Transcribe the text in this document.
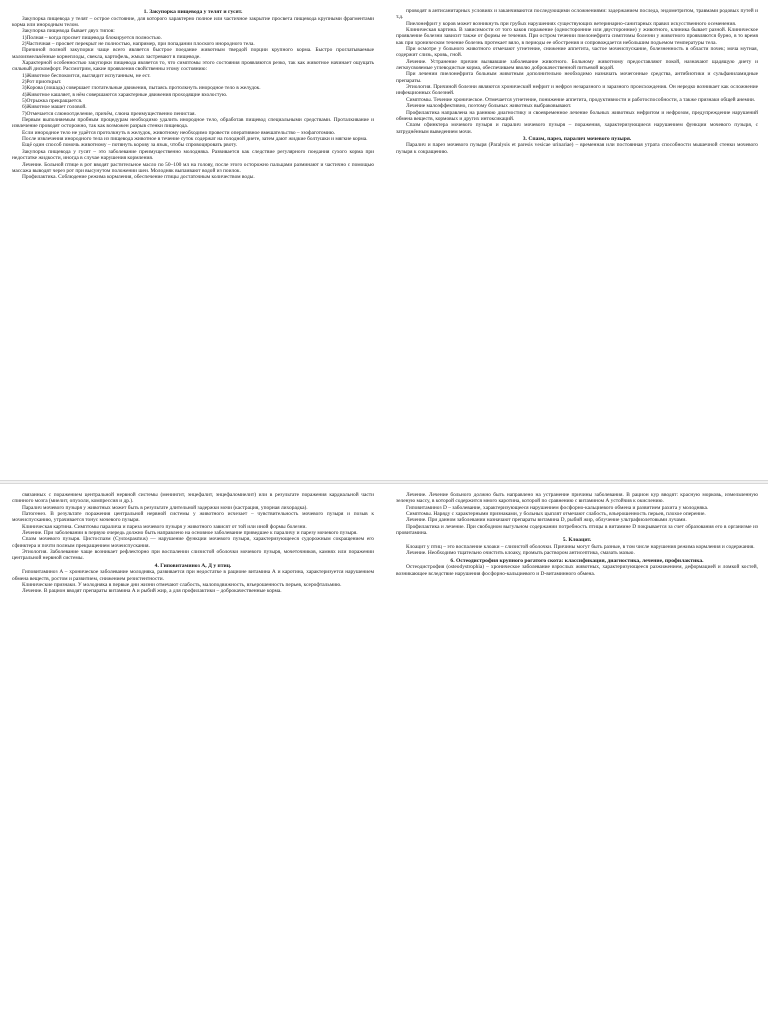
1. Закупорка пищевода у телят и гусят.

Закупорка пищевода у телят – острое состояние, для которого характерно полное или частичное закрытие просвета пищевода крупными фрагментами корма или инородным телом.

Закупорка пищевода бывает двух типов:

1)Полная – когда просвет пищевода блокируется полностью.

2)Частичная – просвет перекрыт не полностью, например, при попадании плоского инородного тела.

Причиной полной закупорки чаще всего является быстрое поедание животным твердой порции крупного корма. Быстро проглатываемые малоизмельчённые корнеплоды, свекла, картофель, жмых застревают в пищеводе.

Характерной особенностью закупорки пищевода является то, что симптомы этого состояния проявляются резко, так как животное начинает ощущать сильный дискомфорт. Рассмотрим, какие проявления свойственны этому состоянию:

1)Животное беспокоится, выглядит испуганным, не ест.

2)Рот приоткрыт.

3)Корова (лошадь) совершает глотательные движения, пытаясь протолкнуть инородное тело в желудок.

4)Животное кашляет, в нём совершаются характерные движения проходящие вхолостую.

5)Отрыжка прекращается.

6)Животное машет головой.

7)Отмечается слюноотделение, причём, слюна преимущественно пенистая.

Первым выполняемым пробным процедурам необходимо удалить инородное тело, обработав пищевод специальными средствами. Проталкивание и извлечение проводят осторожно, так как возможен разрыв стенки пищевода.

Если инородное тело не удаётся протолкнуть в желудок, животному необходимо провести оперативное вмешательство – эзофаготомию.

После извлечения инородного тела из пищевода животное в течение суток содержат на голодной диете, затем дают жидкие болтушки и мягкие корма.

Ещё один способ помочь животному – потянуть корову за язык, чтобы спровоцировать рвоту.

Закупорка пищевода у гусят – это заболевание преимущественно молодняка. Развивается как следствие регулярного поедания сухого корма при недостатке жидкости, иногда в случае нарушения кормления.

Лечение. Больной птице в рот вводят растительное масло по 50–100 мл на голову, после этого осторожно пальцами разминают и частично с помощью массажа выводят через рот при высунутом положении шеи. Молодняк выпаивают водой из поилок.

Профилактика. Соблюдение режима кормления, обеспечение птицы достаточным количеством воды.

проводят в антисанитарных условиях и заканчиваются последующими осложнениями: задержанием последа, эндометритом, травмами родовых путей и т.д.

Пиелонефрит у коров может возникнуть при грубых нарушениях существующих ветеринарно-санитарных правил искусственного осеменения.

Клиническая картина. В зависимости от того каков поражение (односторонние или двусторонние) у животного, клиника бывает разной. Клиническое проявление болезни зависит также от формы ее течения. При остром течении пиелонефрита симптомы болезни у животного проявляются бурно, в то время как при хроническом течение болезнь протекает вяло, в периоды ее обострения и сопровождается небольшим подъемом температуры тела.

При осмотре у больного животного отмечают угнетение, снижение аппетита, частое мочеиспускание, болезненность в области почек; моча мутная, содержит слизь, кровь, гной.

Лечение. Устранение причин вызвавшие заболевание животного. Больному животному предоставляют покой, назначают щадящую диету и легкоусвояемые углеводистые корма, обеспечиваем вволю доброкачественной питьевой водой.

При лечении пиелонефрита больным животным дополнительно необходимо назначать мочегонные средства, антибиотики и сульфаниламидные препараты.

Этиология. Причиной болезни являются хронический нефрит и нефроз незаразного и заразного происхождения. Он нередко возникает как осложнение инфекционных болезней.

Симптомы. Течение хроническое. Отмечается угнетение, понижение аппетита, продуктивности и работоспособности, а также признаки общей анемии.

Лечение малоэффективно, поэтому больных животных выбраковывают.

Профилактика направлена на раннюю диагностику и своевременное лечение больных животных нефритом и нефрозом, предупреждение нарушений обмена веществ, кормовых и других интоксикаций.

Спазм сфинктера мочевого пузыря и паралич мочевого пузыря – поражения, характеризующиеся нарушением функции мочевого пузыря, с затруднённым выведением мочи.

3. Спазм, парез, паралич мочевого пузыря.

Паралич и парез мочевого пузыря (Paralysis et paresis vesicae urinariae) – временная или постоянная утрата способности мышечной стенки мочевого пузыря к сокращению.

связанных с поражением центральной нервной системы (менингит, энцефалит, энцефаломиелит) или в результате поражения кардиальной части спинного мозга (миелит, опухоли, компрессия и др.).

Паралич мочевого пузыря у животных может быть в результате длительной задержки мочи (кастрация, упорная лихорадка).

Патогенез. В результате поражения центральной нервной системы у животного исчезает – чувствительность мочевого пузыря и позыв к мочеиспусканию, утрачивается тонус мочевого пузыря.

Клиническая картина. Симптомы паралича и пареза мочевого пузыря у животного зависят от той или иной формы болезни.

Лечение. При заболевании в первую очередь должно быть направлено на основное заболевание приведшее к параличу и парезу мочевого пузыря.

Спазм мочевого пузыря. Цистоспазм (Cystospasmus) — нарушение функции мочевого пузыря, характеризующееся судорожным сокращением его сфинктера и почти полным прекращением мочеиспускания.

Этиология. Заболевание чаще возникает рефлекторно при воспалении слизистой оболочки мочевого пузыря, мочеточников, камнях или поражении центральной нервной системы.

4. Гиповитаминоз A, Д у птиц.

Гиповитаминоз A – хроническое заболевание молодняка, развивается при недостатке в рационе витамина А и каротина, характеризуется нарушением обмена веществ, ростом и развитием, снижением резистентности.

Клинические признаки. У молодняка в первые дни жизни отмечают слабость, малоподвижность, взъерошенность перьев, ксерофтальмию.

Лечение. В рацион вводят препараты витамина A и рыбий жир, а для профилактики – доброкачественные корма.

Лечение. Лечение больного должно быть направлено на устранение причины заболевания. В рацион кур вводят: красную морковь, измельченную зеленую массу, в которой содержится много каротина, которой по сравнению с витамином А устойчив к окислению.

Гиповитаминоз D – заболевание, характеризующееся нарушением фосфорно-кальциевого обмена и развитием рахита у молодняка.

Симптомы. Наряду с характерными признаками, у больных цыплят отмечают слабость, взъерошенность перьев, плохое оперение.

Лечение. При данном заболевании назначают препараты витамина D, рыбий жир, облучение ультрафиолетовыми лучами.

Профилактика и лечение. При свободном выгульном содержании потребность птицы в витамине D покрывается за счет образования его в организме из провитамина.

5. Клоацит.

Клоацит у птиц – это воспаление клоаки – слизистой оболочки. Причины могут быть разные, в том числе нарушения режима кормления и содержания.

Лечение. Необходимо тщательно очистить клоаку, промыть раствором антисептика, смазать мазью.

6. Остеодистрофия крупного рогатого скота: классификация, диагностика, лечение, профилактика.

Остеодистрофия (osteodystrophia) – хроническое заболевание взрослых животных, характеризующееся разжижением, деформацией и ломкой костей, возникающее вследствие нарушения фосфорно-кальциевого и D-витаминного обмена.
